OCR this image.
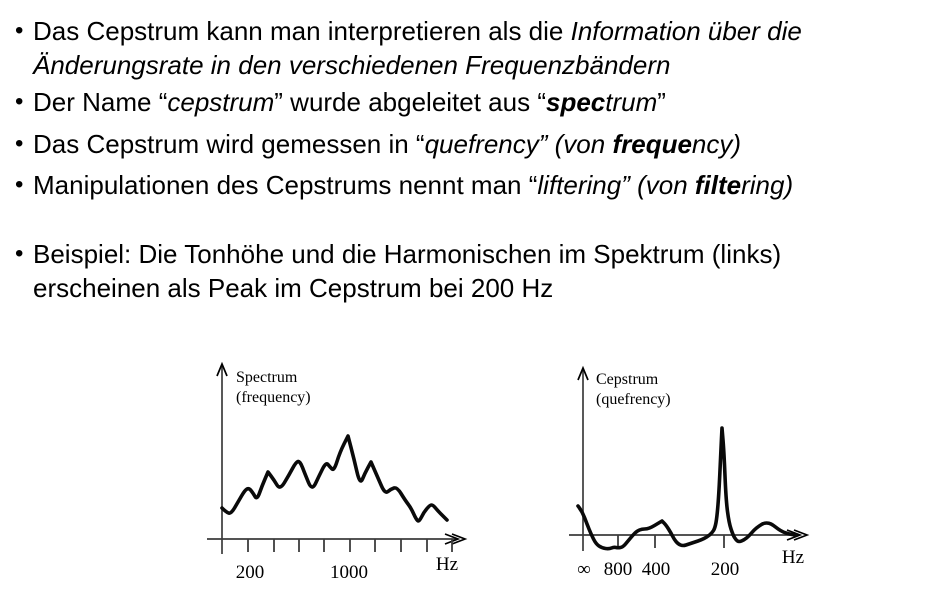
• Das Cepstrum kann man interpretieren als die Information über die
Änderungsrate in den verschiedenen Frequenzbändern
• Der Name “cepstrum” wurde abgeleitet aus “spectrum”
• Das Cepstrum wird gemessen in “quefrency” (von frequency)
• Manipulationen des Cepstrums nennt man “liftering” (von filtering)
• Beispiel: Die Tonhöhe und die Harmonischen im Spektrum (links)
erscheinen als Peak im Cepstrum bei 200 Hz
200	1000	Hz
Spectrum
(frequency)
∞ 800 400 200
Hz
Cepstrum
(quefrency)
